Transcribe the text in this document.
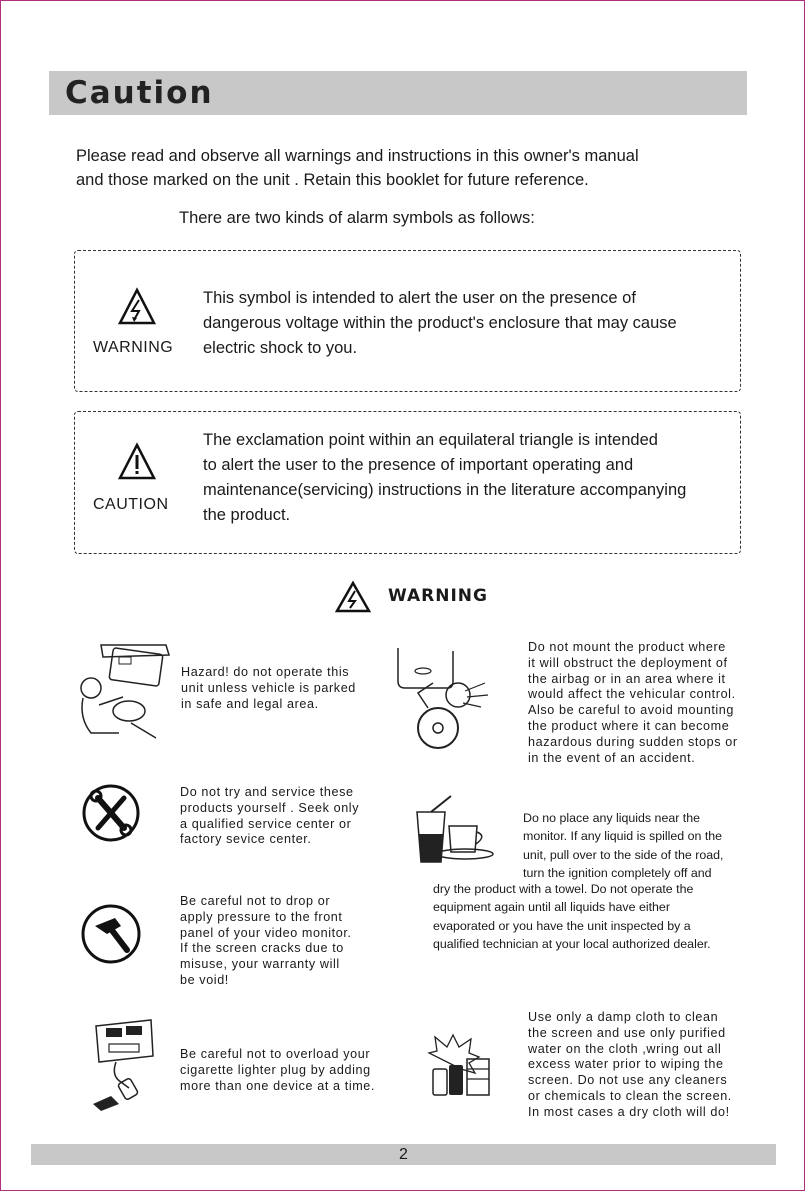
Caution
Please read and observe all warnings and instructions in this owner's manual
and those marked on the unit . Retain this booklet for future reference.
There are two kinds of alarm symbols as follows:
WARNING
This symbol is intended to alert the user on the presence of
dangerous voltage within the product's enclosure that may cause
electric shock to you.
CAUTION
The exclamation point within an equilateral triangle is intended
to alert the user to the presence of important operating and
maintenance(servicing) instructions in the literature accompanying
the product.
WARNING
Hazard! do not operate this
unit unless vehicle is parked
in safe and legal area.
Do not mount the product where
it will obstruct the deployment of
the airbag or in an area where it
would affect the vehicular control.
Also be careful to avoid mounting
the product where it can become
hazardous during sudden stops or
in the event of an accident.
Do not try and service these
products yourself . Seek only
a qualified service center or
factory sevice center.
Do no place any liquids near the
monitor. If any liquid is spilled on the
unit, pull over to the side of the road,
turn the ignition completely off and
dry the product with a towel. Do not operate the
equipment again until all liquids have either
evaporated or you have the unit inspected by a
qualified technician at your local authorized dealer.
Be careful not to drop or
apply pressure to the front
panel of your video monitor.
If the screen cracks due to
misuse, your warranty will
be void!
Be careful not to overload your
cigarette lighter plug by adding
more than one device at a time.
Use only a damp cloth to clean
the screen and use only purified
water on the cloth ,wring out all
excess water prior to wiping the
screen. Do not use any cleaners
or chemicals to clean the screen.
In most cases a dry cloth will do!
2
